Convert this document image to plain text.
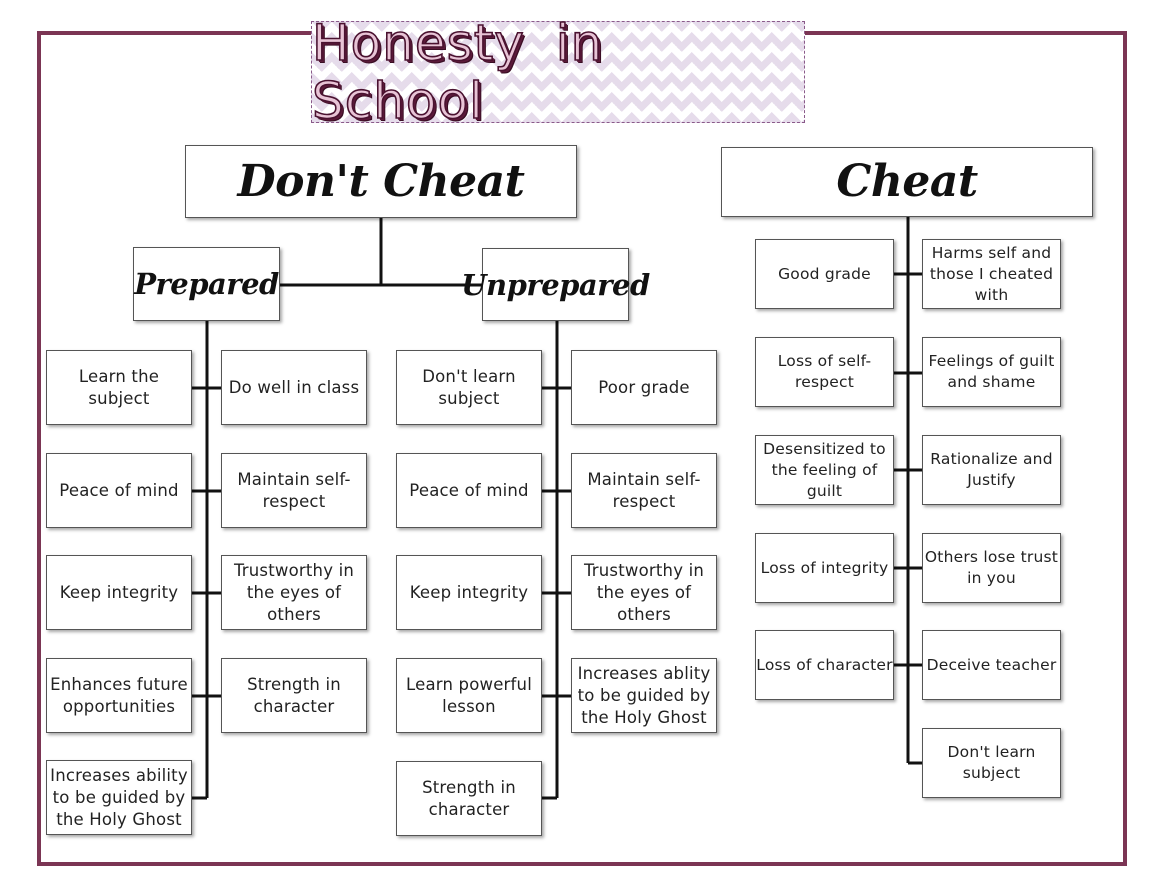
Honesty in School
Don't Cheat	Cheat
Prepared	Unprepared
Learn the subject
Peace of mind
Keep integrity
Enhances future opportunities
Increases ability to be guided by the Holy Ghost
Do well in class
Maintain self-respect
Trustworthy in the eyes of others
Strength in character
Don't learn subject
Peace of mind
Keep integrity
Learn powerful lesson
Strength in character
Poor grade
Maintain self-respect
Trustworthy in the eyes of others
Increases ablity to be guided by the Holy Ghost
Good grade
Loss of self-respect
Desensitized to the feeling of guilt
Loss of integrity
Loss of character
Harms self and those I cheated with
Feelings of guilt and shame
Rationalize and Justify
Others lose trust in you
Deceive teacher
Don't learn subject
